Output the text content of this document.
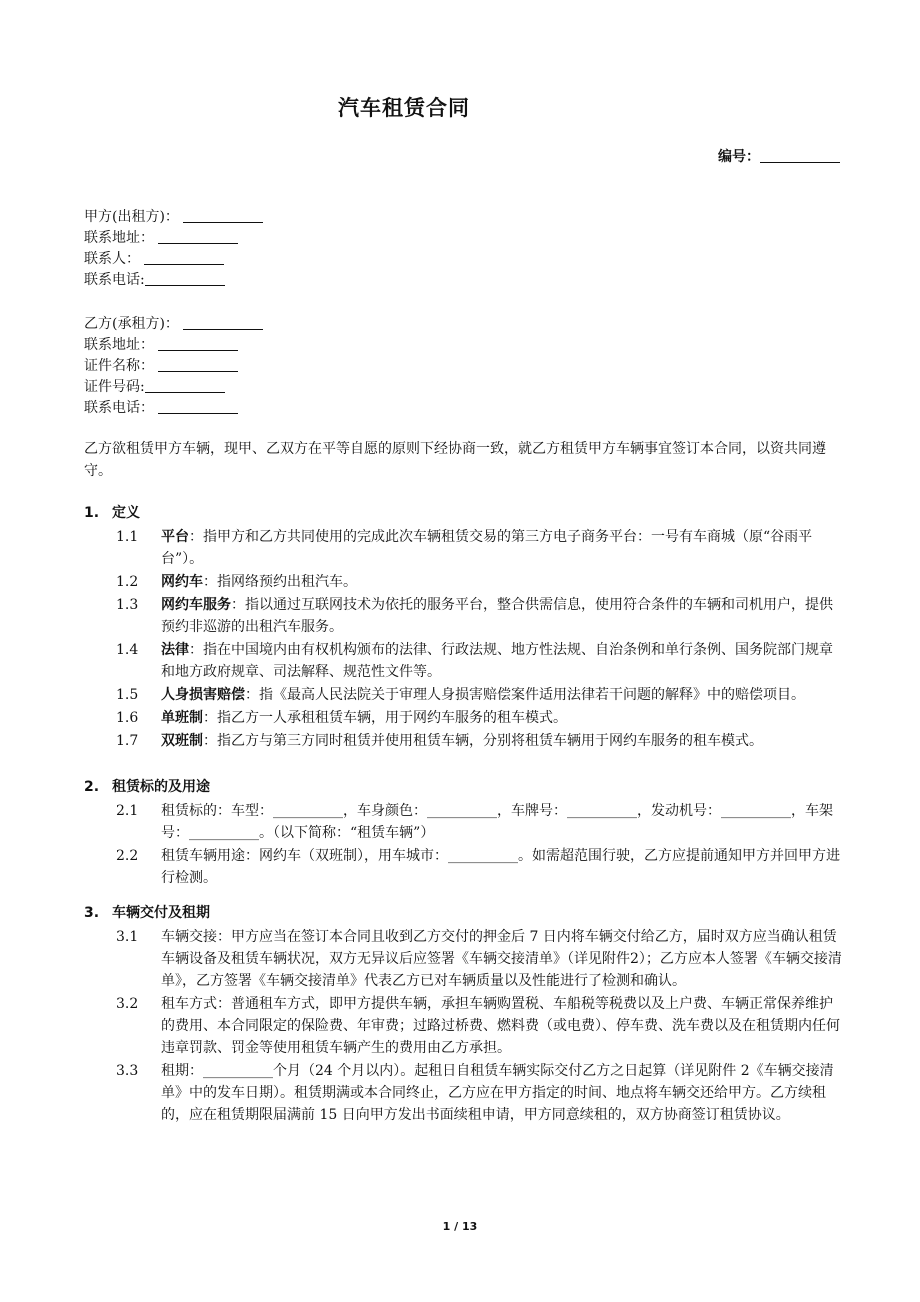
汽车租赁合同
编号：
甲方(出租方)：
联系地址：
联系人：
联系电话:
乙方(承租方)：
联系地址：
证件名称：
证件号码:
联系电话：
乙方欲租赁甲方车辆，现甲、乙双方在平等自愿的原则下经协商一致，就乙方租赁甲方车辆事宜签订本合同，以资共同遵守。
1. 定义
1.1 平台：指甲方和乙方共同使用的完成此次车辆租赁交易的第三方电子商务平台：一号有车商城（原“谷雨平台”）。
1.2 网约车：指网络预约出租汽车。
1.3 网约车服务：指以通过互联网技术为依托的服务平台，整合供需信息，使用符合条件的车辆和司机用户，提供预约非巡游的出租汽车服务。
1.4 法律：指在中国境内由有权机构颁布的法律、行政法规、地方性法规、自治条例和单行条例、国务院部门规章和地方政府规章、司法解释、规范性文件等。
1.5 人身损害赔偿：指《最高人民法院关于审理人身损害赔偿案件适用法律若干问题的解释》中的赔偿项目。
1.6 单班制：指乙方一人承租租赁车辆，用于网约车服务的租车模式。
1.7 双班制：指乙方与第三方同时租赁并使用租赁车辆，分别将租赁车辆用于网约车服务的租车模式。
2. 租赁标的及用途
2.1 租赁标的：车型：__________，车身颜色：__________，车牌号：__________，发动机号：__________，车架号：__________。（以下简称：“租赁车辆”）
2.2 租赁车辆用途：网约车（双班制），用车城市：__________。如需超范围行驶，乙方应提前通知甲方并回甲方进行检测。
3. 车辆交付及租期
3.1 车辆交接：甲方应当在签订本合同且收到乙方交付的押金后 7 日内将车辆交付给乙方，届时双方应当确认租赁车辆设备及租赁车辆状况，双方无异议后应签署《车辆交接清单》（详见附件2）；乙方应本人签署《车辆交接清单》，乙方签署《车辆交接清单》代表乙方已对车辆质量以及性能进行了检测和确认。
3.2 租车方式：普通租车方式，即甲方提供车辆，承担车辆购置税、车船税等税费以及上户费、车辆正常保养维护的费用、本合同限定的保险费、年审费；过路过桥费、燃料费（或电费）、停车费、洗车费以及在租赁期内任何违章罚款、罚金等使用租赁车辆产生的费用由乙方承担。
3.3 租期：__________个月（24 个月以内）。起租日自租赁车辆实际交付乙方之日起算（详见附件 2《车辆交接清单》中的发车日期）。租赁期满或本合同终止，乙方应在甲方指定的时间、地点将车辆交还给甲方。乙方续租的，应在租赁期限届满前 15 日向甲方发出书面续租申请，甲方同意续租的，双方协商签订租赁协议。
1 / 13
